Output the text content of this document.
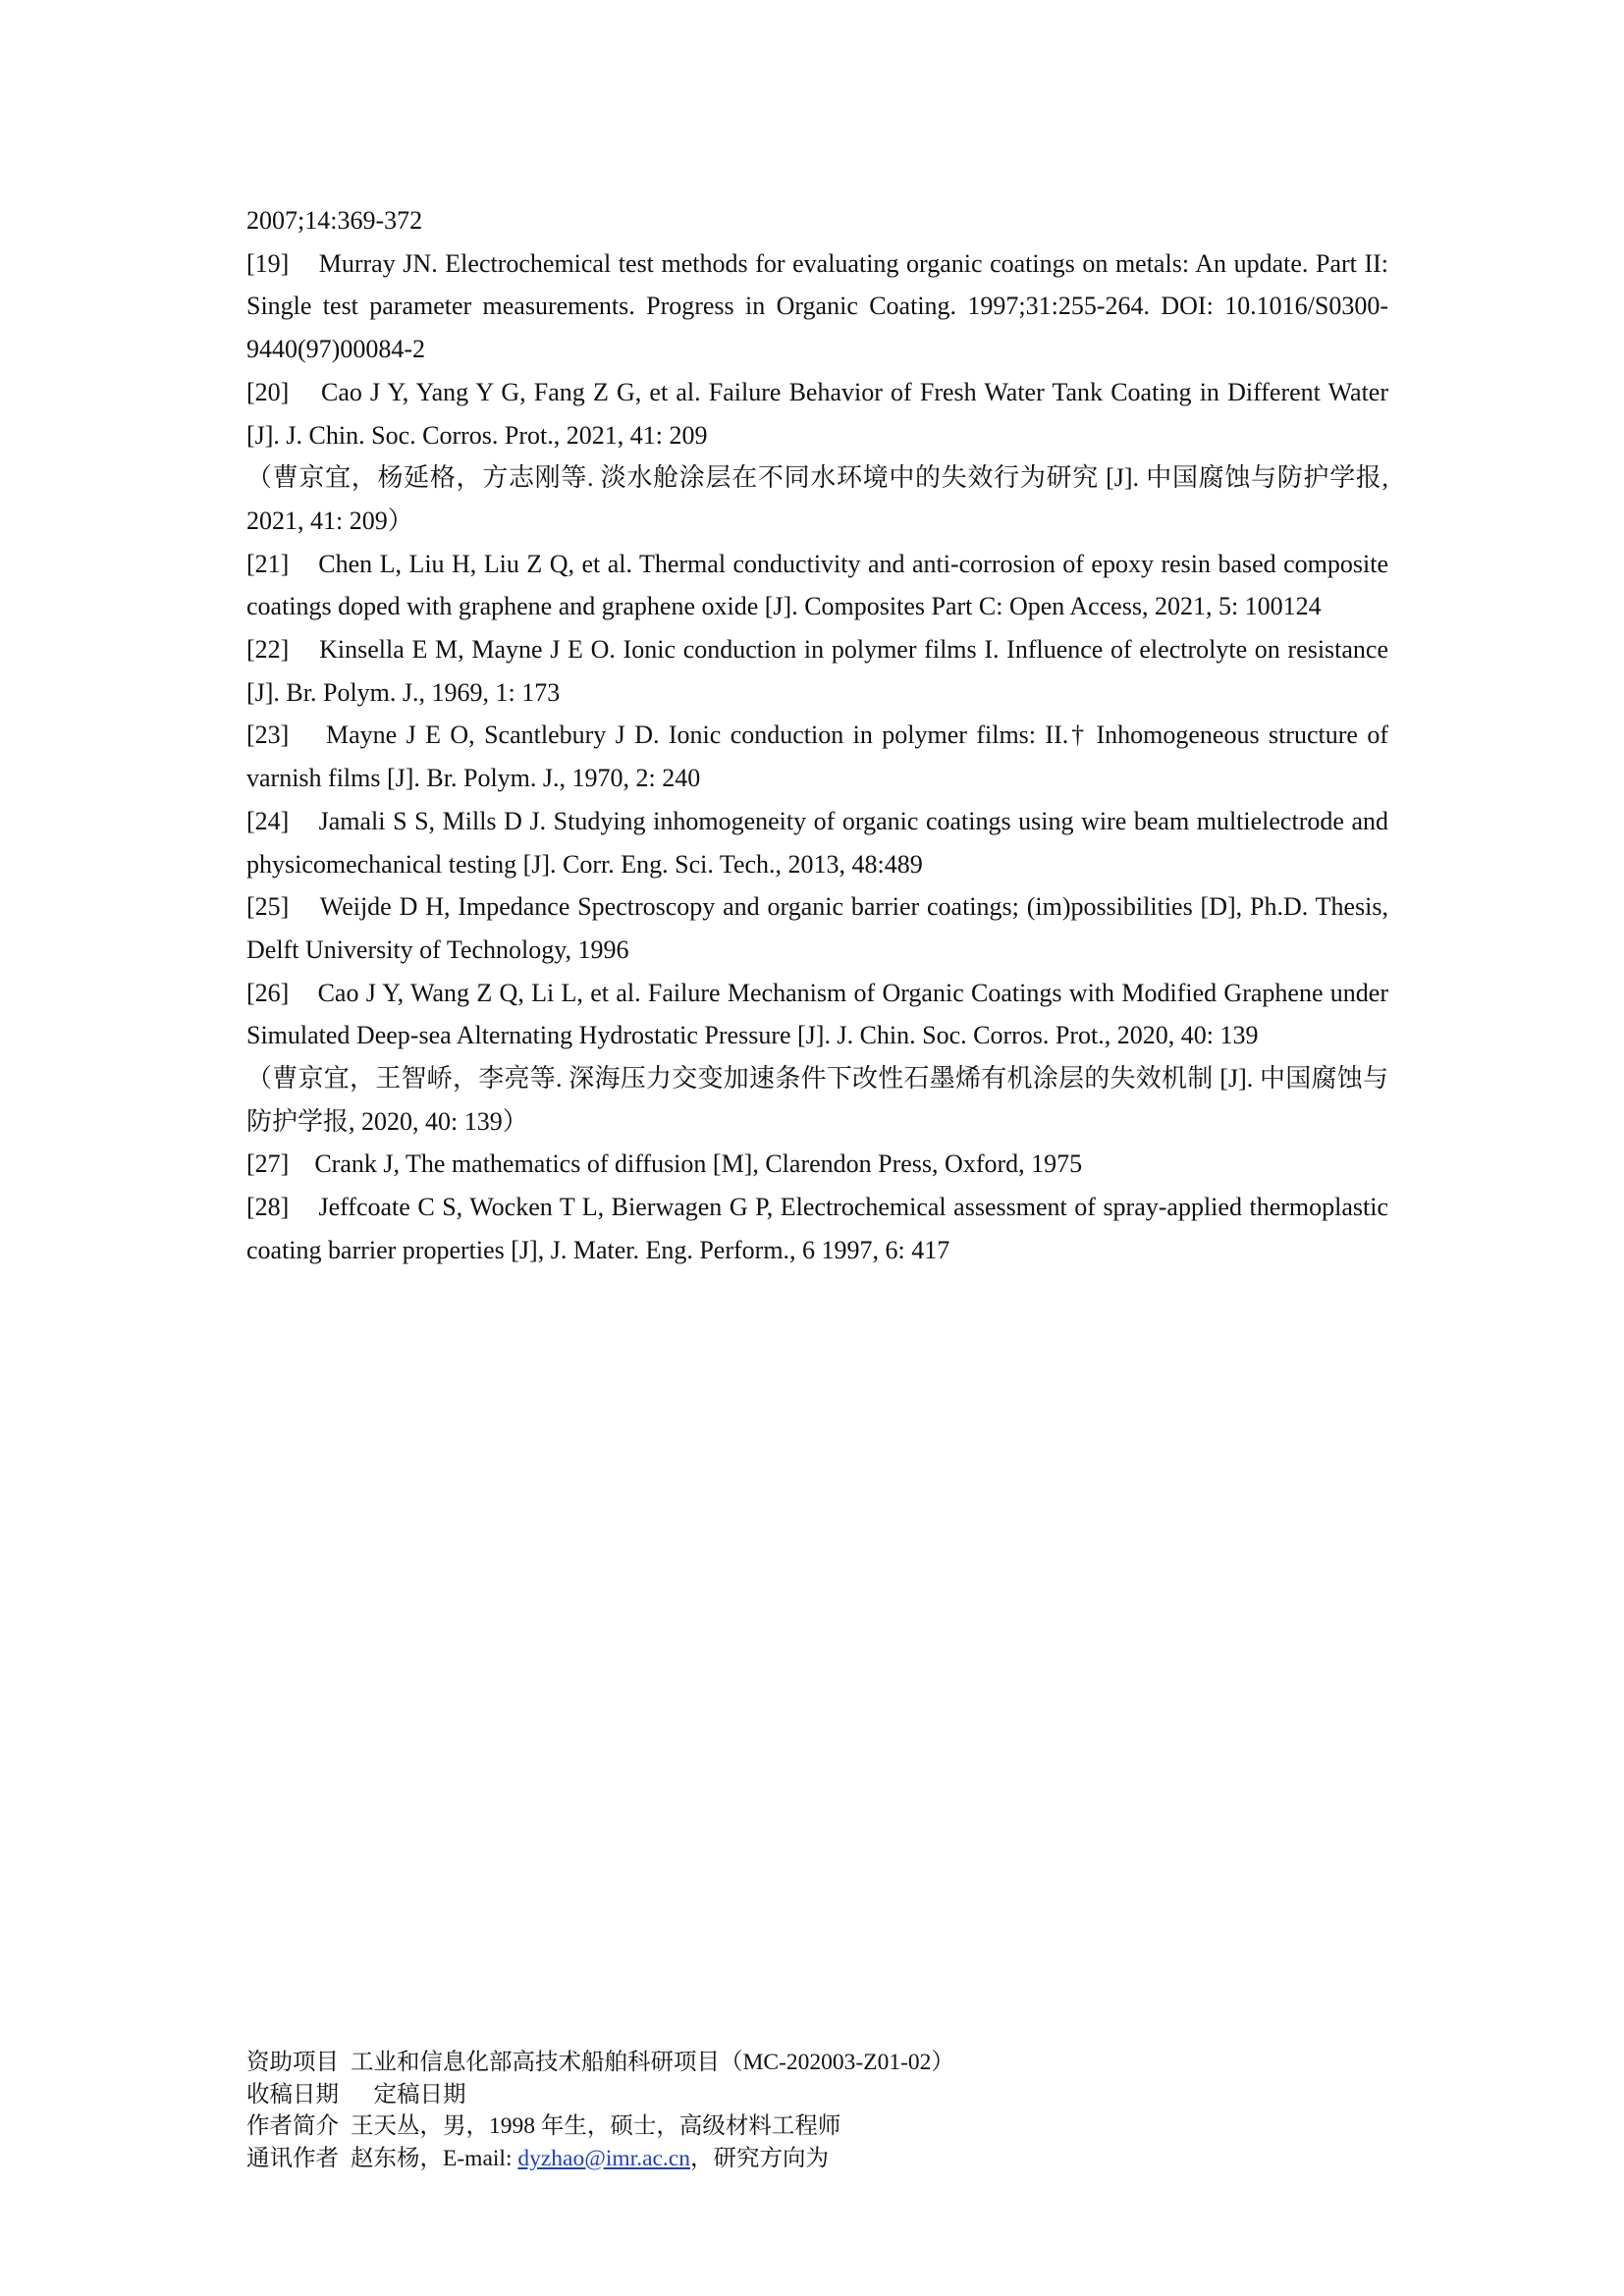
2007;14:369-372

[19] Murray JN. Electrochemical test methods for evaluating organic coatings on metals: An update. Part II: Single test parameter measurements. Progress in Organic Coating. 1997;31:255-264. DOI: 10.1016/S0300-9440(97)00084-2

[20] Cao J Y, Yang Y G, Fang Z G, et al. Failure Behavior of Fresh Water Tank Coating in Different Water [J]. J. Chin. Soc. Corros. Prot., 2021, 41: 209

（曹京宜，杨延格，方志刚等. 淡水舱涂层在不同水环境中的失效行为研究 [J]. 中国腐蚀与防护学报, 2021, 41: 209）

[21] Chen L, Liu H, Liu Z Q, et al. Thermal conductivity and anti-corrosion of epoxy resin based composite coatings doped with graphene and graphene oxide [J]. Composites Part C: Open Access, 2021, 5: 100124

[22] Kinsella E M, Mayne J E O. Ionic conduction in polymer films I. Influence of electrolyte on resistance [J]. Br. Polym. J., 1969, 1: 173

[23] Mayne J E O, Scantlebury J D. Ionic conduction in polymer films: II.† Inhomogeneous structure of varnish films [J]. Br. Polym. J., 1970, 2: 240

[24] Jamali S S, Mills D J. Studying inhomogeneity of organic coatings using wire beam multielectrode and physicomechanical testing [J]. Corr. Eng. Sci. Tech., 2013, 48:489

[25] Weijde D H, Impedance Spectroscopy and organic barrier coatings; (im)possibilities [D], Ph.D. Thesis, Delft University of Technology, 1996

[26] Cao J Y, Wang Z Q, Li L, et al. Failure Mechanism of Organic Coatings with Modified Graphene under Simulated Deep-sea Alternating Hydrostatic Pressure [J]. J. Chin. Soc. Corros. Prot., 2020, 40: 139

（曹京宜，王智峤，李亮等. 深海压力交变加速条件下改性石墨烯有机涂层的失效机制 [J]. 中国腐蚀与防护学报, 2020, 40: 139）

[27] Crank J, The mathematics of diffusion [M], Clarendon Press, Oxford, 1975

[28] Jeffcoate C S, Wocken T L, Bierwagen G P, Electrochemical assessment of spray-applied thermoplastic coating barrier properties [J], J. Mater. Eng. Perform., 6 1997, 6: 417

资助项目 工业和信息化部高技术船舶科研项目（MC-202003-Z01-02）

收稿日期 定稿日期

作者简介 王天丛，男，1998 年生，硕士，高级材料工程师

通讯作者 赵东杨，E-mail: dyzhao@imr.ac.cn，研究方向为
